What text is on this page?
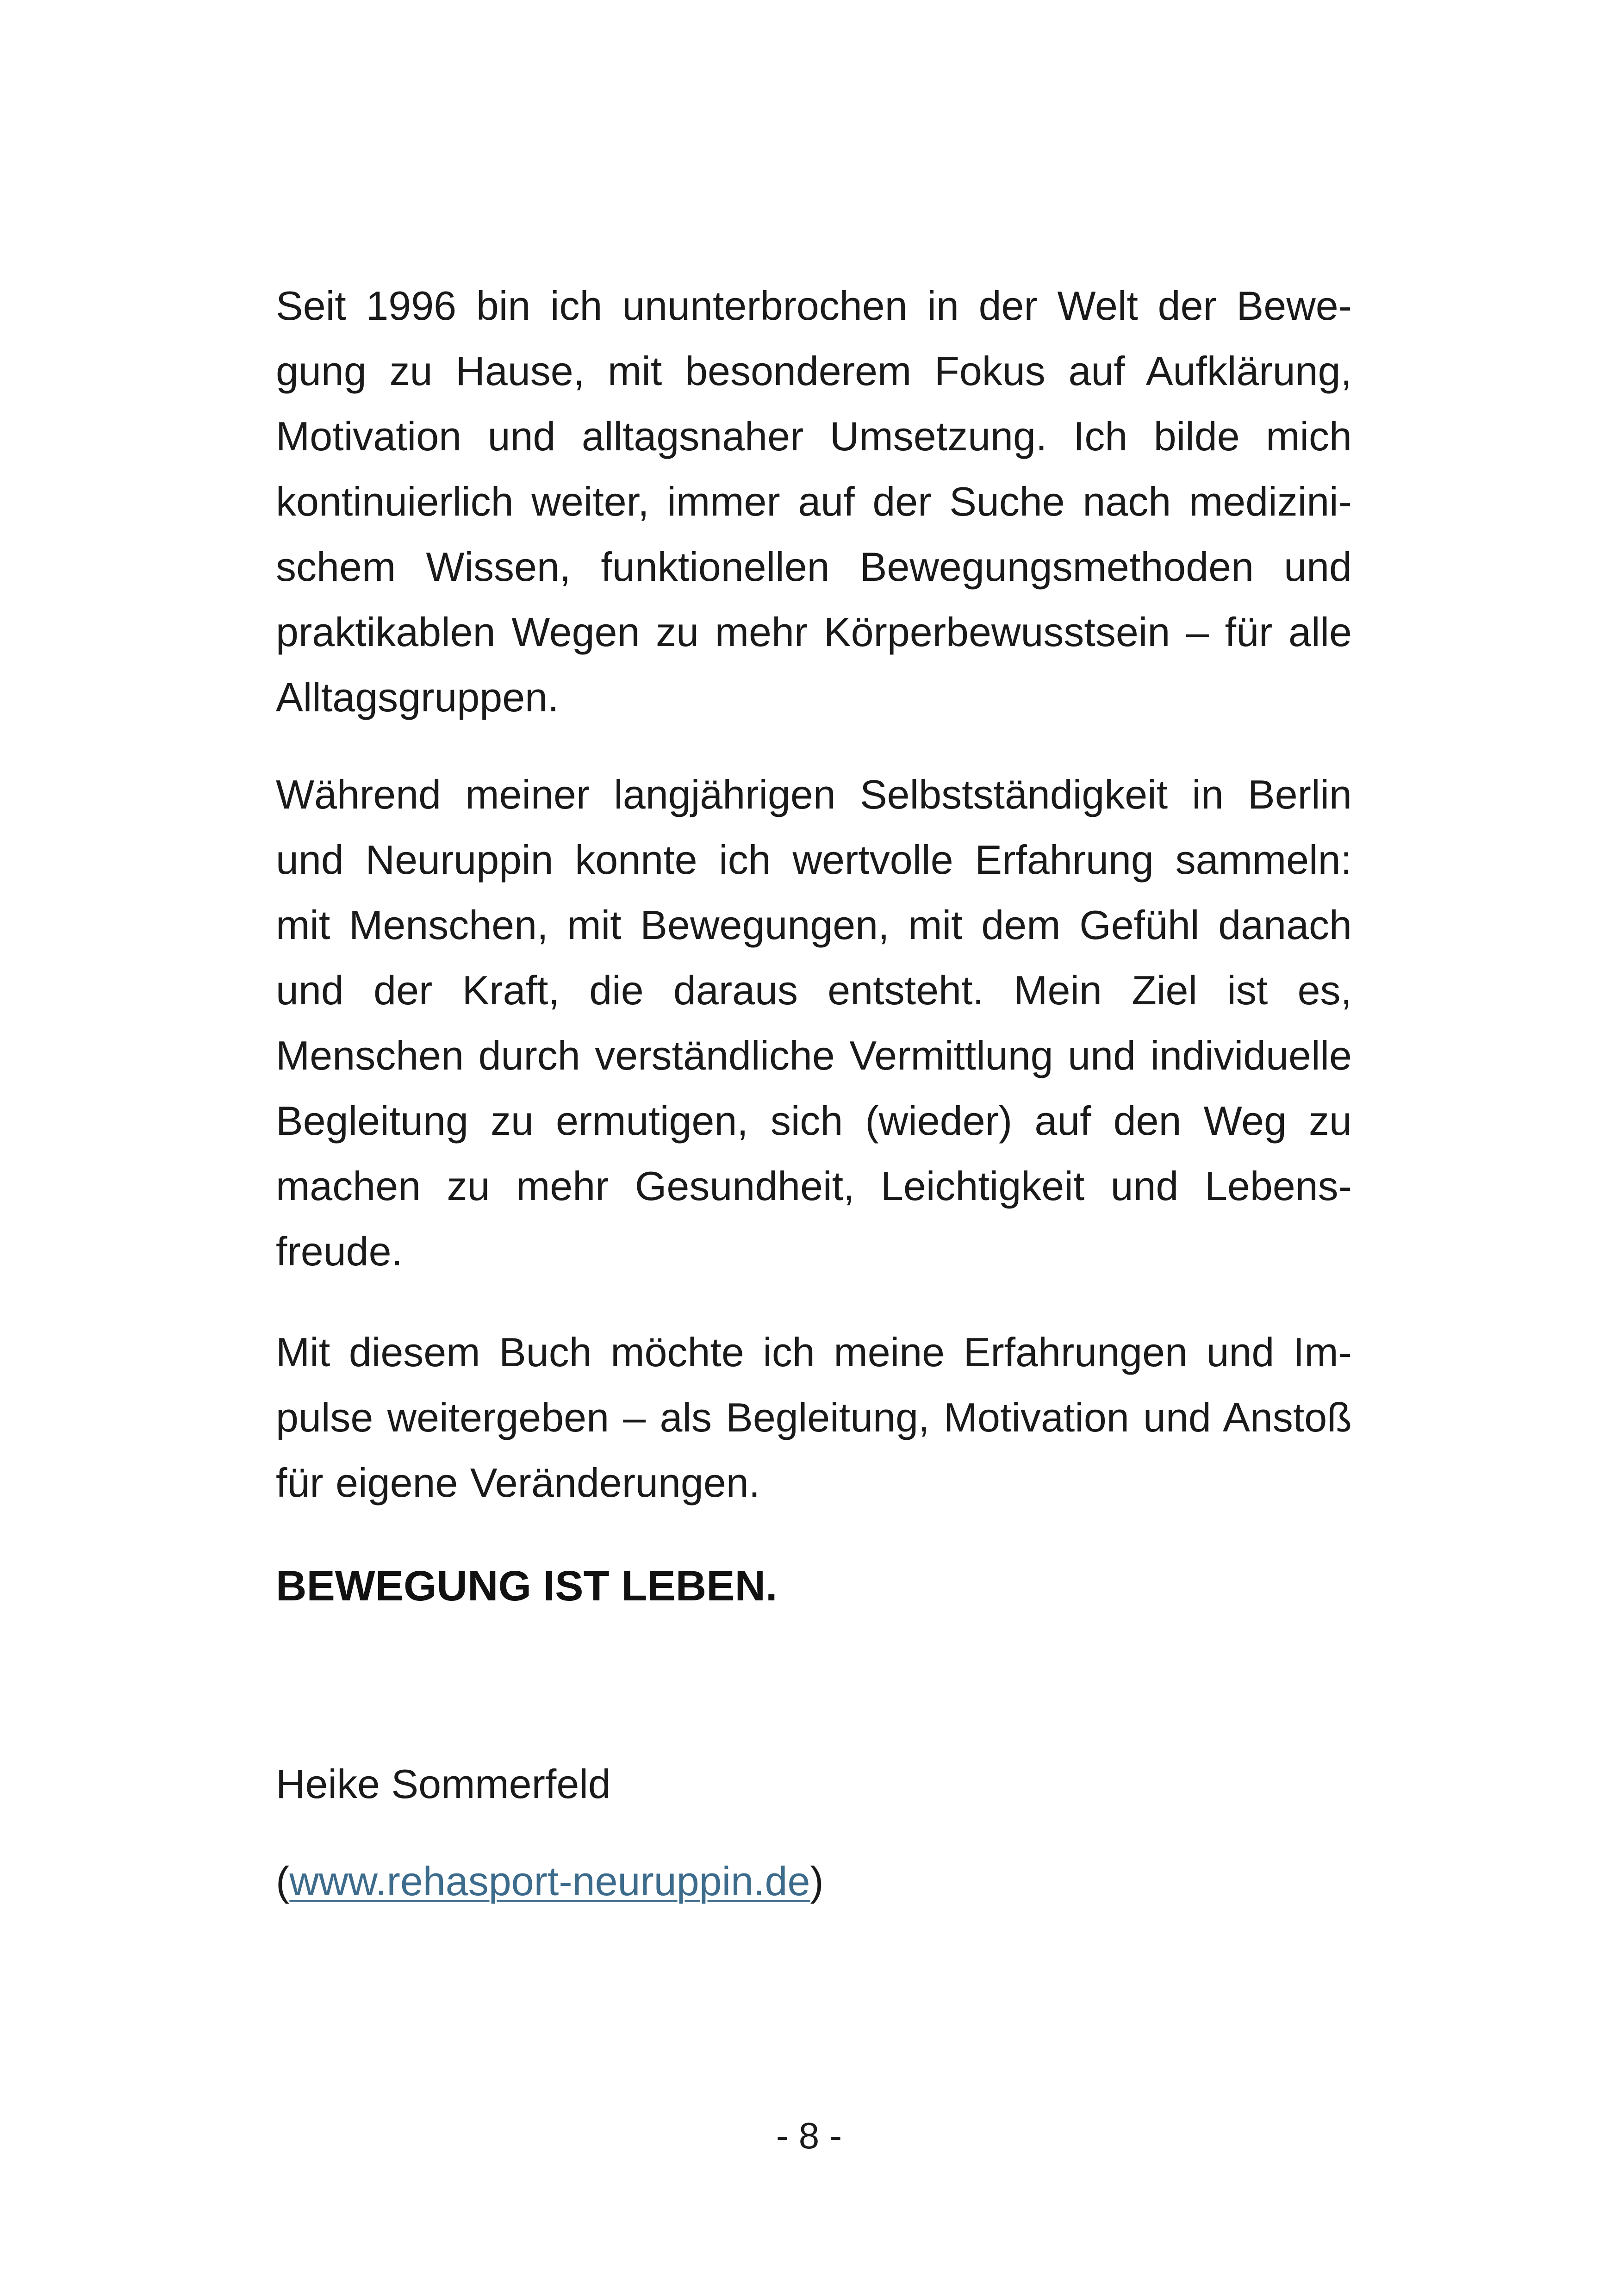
Seit 1996 bin ich ununterbrochen in der Welt der Bewegung zu Hause, mit besonderem Fokus auf Aufklärung, Motivation und alltagsnaher Umsetzung. Ich bilde mich kontinuierlich weiter, immer auf der Suche nach medizinischem Wissen, funktionellen Bewegungsmethoden und praktikablen Wegen zu mehr Körperbewusstsein – für alle Alltagsgruppen.

Während meiner langjährigen Selbstständigkeit in Berlin und Neuruppin konnte ich wertvolle Erfahrung sammeln: mit Menschen, mit Bewegungen, mit dem Gefühl danach und der Kraft, die daraus entsteht. Mein Ziel ist es, Menschen durch verständliche Vermittlung und individuelle Begleitung zu ermutigen, sich (wieder) auf den Weg zu machen zu mehr Gesundheit, Leichtigkeit und Lebensfreude.

Mit diesem Buch möchte ich meine Erfahrungen und Impulse weitergeben – als Begleitung, Motivation und Anstoß für eigene Veränderungen.

BEWEGUNG IST LEBEN.

Heike Sommerfeld

(www.rehasport-neuruppin.de)

- 8 -
